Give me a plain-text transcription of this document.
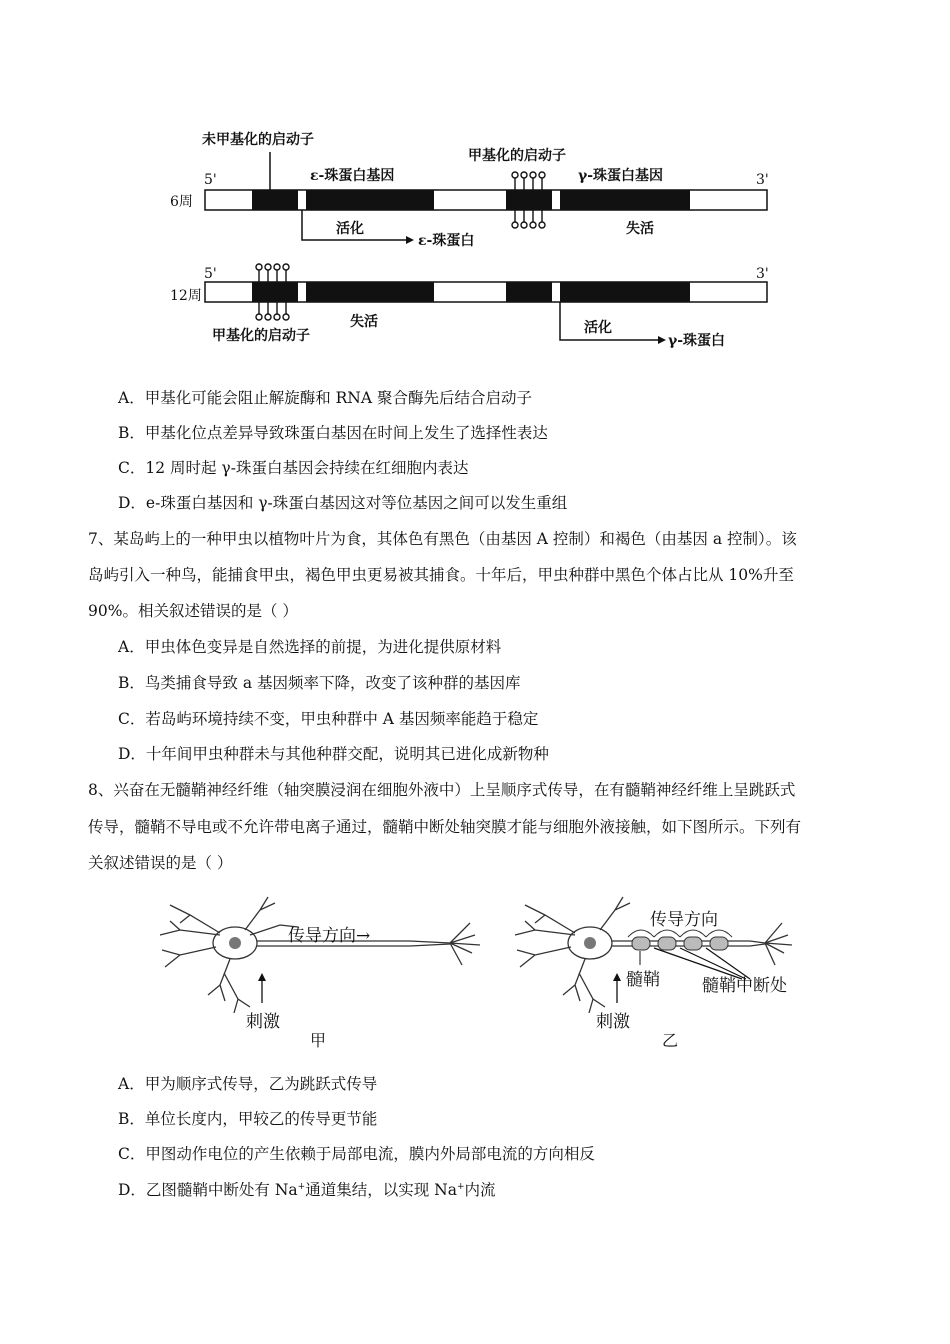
6周
5'	3'
未甲基化的启动子
ε-珠蛋白基因
甲基化的启动子
γ-珠蛋白基因
活化
ε-珠蛋白
失活
12周
5'	3'
甲基化的启动子
失活	活化
γ-珠蛋白
A．甲基化可能会阻止解旋酶和 RNA 聚合酶先后结合启动子
B．甲基化位点差异导致珠蛋白基因在时间上发生了选择性表达
C．12 周时起 γ-珠蛋白基因会持续在红细胞内表达
D．e-珠蛋白基因和 γ-珠蛋白基因这对等位基因之间可以发生重组
7、某岛屿上的一种甲虫以植物叶片为食，其体色有黑色（由基因 A 控制）和褐色（由基因 a 控制）。该
岛屿引入一种鸟，能捕食甲虫，褐色甲虫更易被其捕食。十年后，甲虫种群中黑色个体占比从 10%升至
90%。相关叙述错误的是（ ）
A．甲虫体色变异是自然选择的前提，为进化提供原材料
B．鸟类捕食导致 a 基因频率下降，改变了该种群的基因库
C．若岛屿环境持续不变，甲虫种群中 A 基因频率能趋于稳定
D．十年间甲虫种群未与其他种群交配，说明其已进化成新物种
8、兴奋在无髓鞘神经纤维（轴突膜浸润在细胞外液中）上呈顺序式传导，在有髓鞘神经纤维上呈跳跃式
传导，髓鞘不导电或不允许带电离子通过，髓鞘中断处轴突膜才能与细胞外液接触，如下图所示。下列有
关叙述错误的是（ ）
传导方向→
刺激
甲
传导方向
髓鞘 髓鞘中断处
刺激
乙
A．甲为顺序式传导，乙为跳跃式传导
B．单位长度内，甲较乙的传导更节能
C．甲图动作电位的产生依赖于局部电流，膜内外局部电流的方向相反
D．乙图髓鞘中断处有 Na+通道集结，以实现 Na+内流
